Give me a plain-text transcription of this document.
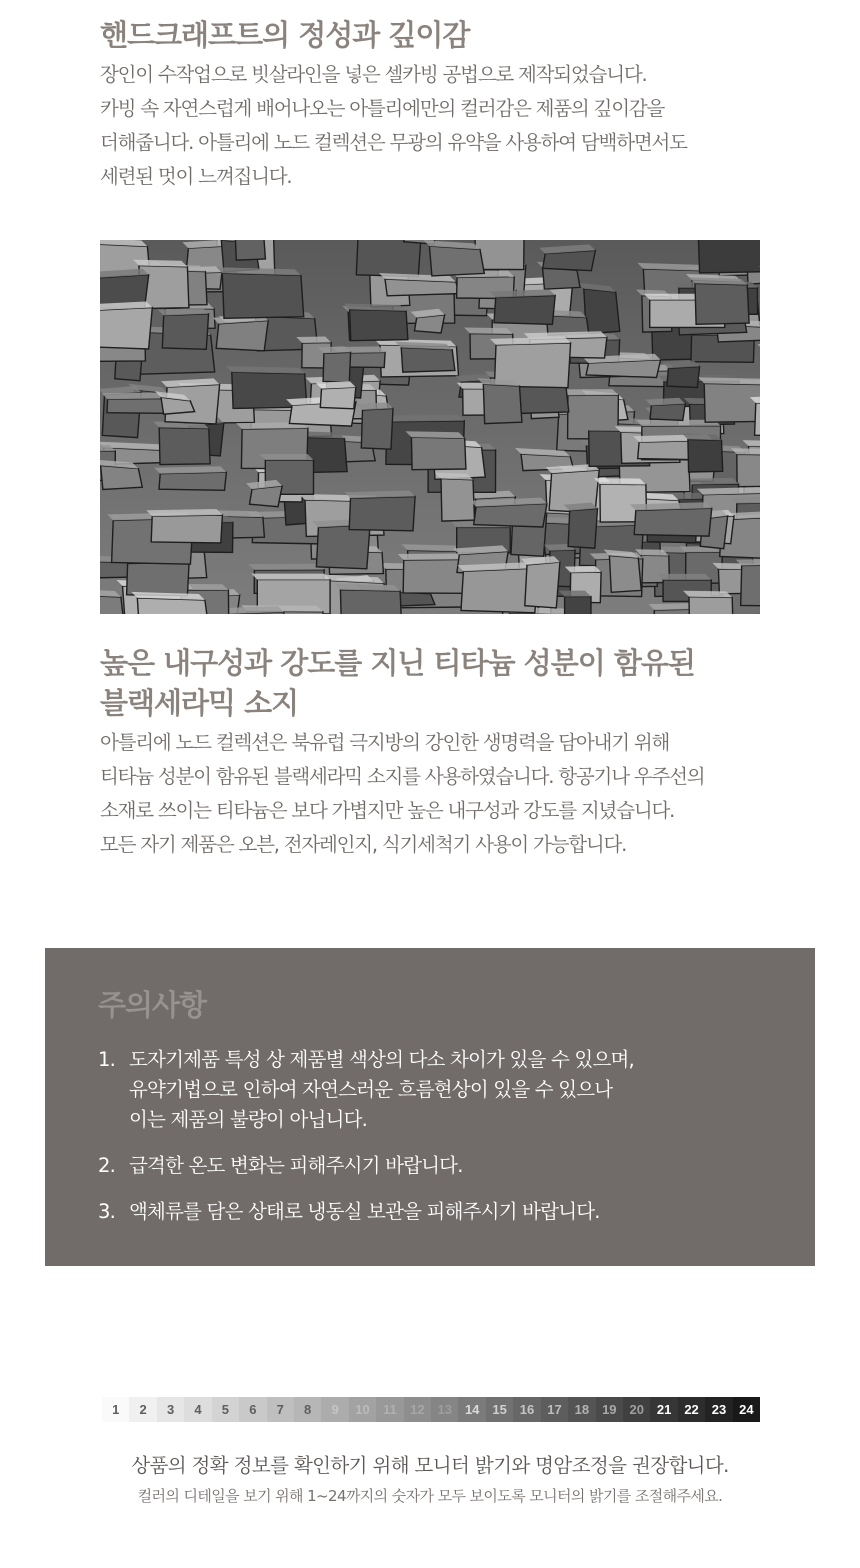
핸드크래프트의 정성과 깊이감

장인이 수작업으로 빗살라인을 넣은 셀카빙 공법으로 제작되었습니다.
카빙 속 자연스럽게 배어나오는 아틀리에만의 컬러감은 제품의 깊이감을
더해줍니다. 아틀리에 노드 컬렉션은 무광의 유약을 사용하여 담백하면서도
세련된 멋이 느껴집니다.

높은 내구성과 강도를 지닌 티타늄 성분이 함유된
블랙세라믹 소지

아틀리에 노드 컬렉션은 북유럽 극지방의 강인한 생명력을 담아내기 위해
티타늄 성분이 함유된 블랙세라믹 소지를 사용하였습니다. 항공기나 우주선의
소재로 쓰이는 티타늄은 보다 가볍지만 높은 내구성과 강도를 지녔습니다.
모든 자기 제품은 오븐, 전자레인지, 식기세척기 사용이 가능합니다.

주의사항
1. 도자기제품 특성 상 제품별 색상의 다소 차이가 있을 수 있으며,
유약기법으로 인하여 자연스러운 흐름현상이 있을 수 있으나
이는 제품의 불량이 아닙니다.
2. 급격한 온도 변화는 피해주시기 바랍니다.
3. 액체류를 담은 상태로 냉동실 보관을 피해주시기 바랍니다.
1 2 3 4 5 6 7 8 9 10 11 12 13 14 15 16 17 18 19 20 21 22 23 24

상품의 정확 정보를 확인하기 위해 모니터 밝기와 명암조정을 권장합니다.

컬러의 디테일을 보기 위해 1~24까지의 숫자가 모두 보이도록 모니터의 밝기를 조절해주세요.
